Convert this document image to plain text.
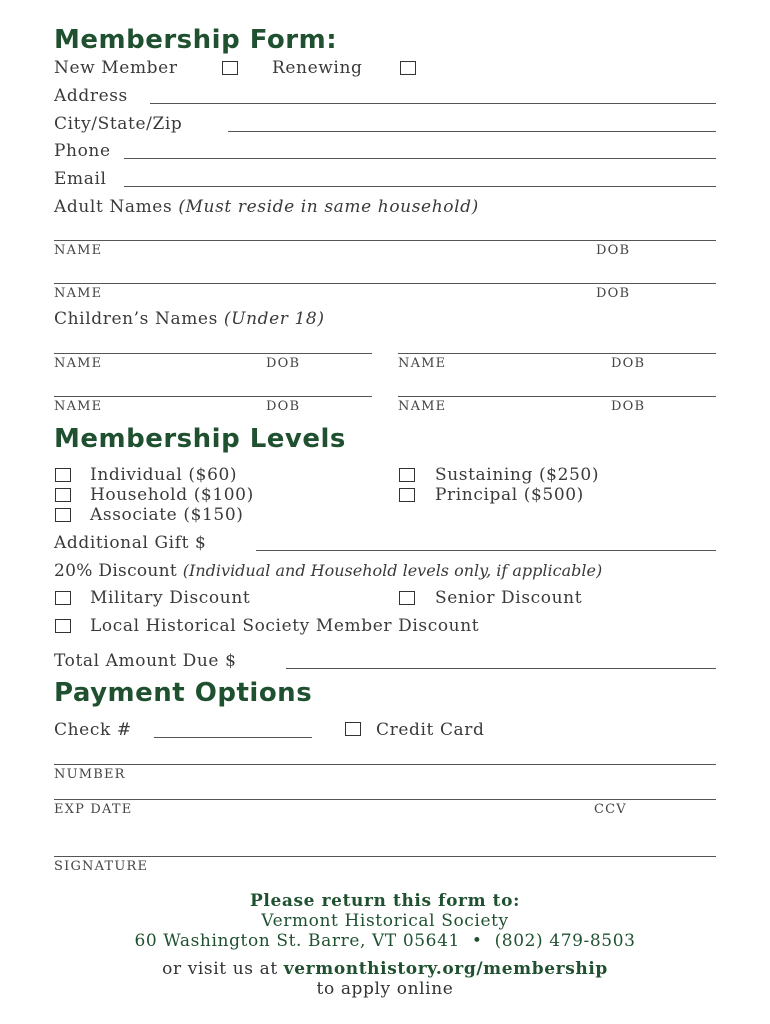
Membership Form:
New Member	Renewing
Address
City/State/Zip
Phone
Email
Adult Names (Must reside in same household)
NAME	DOB
NAME	DOB
Children’s Names (Under 18)
NAME	DOB	NAME	DOB
NAME	DOB	NAME	DOB
Membership Levels
Individual ($60)	Sustaining ($250)
Household ($100)	Principal ($500)
Associate ($150)
Additional Gift $
20% Discount (Individual and Household levels only, if applicable)
Military Discount	Senior Discount
Local Historical Society Member Discount
Total Amount Due $
Payment Options
Check #	Credit Card
NUMBER
EXP DATE	CCV
SIGNATURE
Please return this form to:
Vermont Historical Society
60 Washington St. Barre, VT 05641 • (802) 479-8503
or visit us at vermonthistory.org/membership
to apply online
